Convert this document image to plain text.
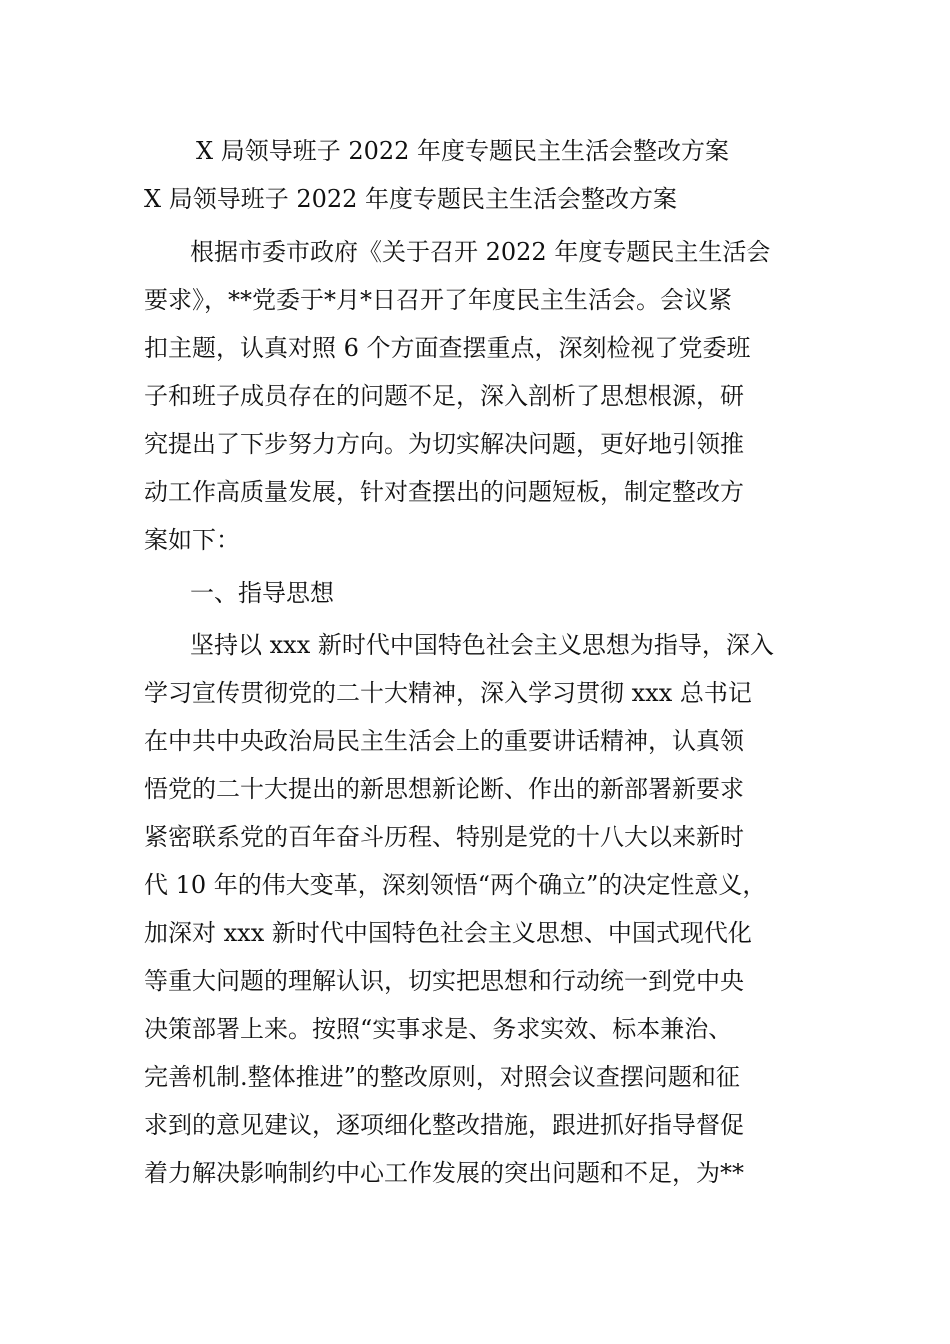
X 局领导班子 2022 年度专题民主生活会整改方案
X 局领导班子 2022 年度专题民主生活会整改方案
根据市委市政府《关于召开 2022 年度专题民主生活会
要求》，**党委于*月*日召开了年度民主生活会。会议紧
扣主题，认真对照 6 个方面查摆重点，深刻检视了党委班
子和班子成员存在的问题不足，深入剖析了思想根源，研
究提出了下步努力方向。为切实解决问题，更好地引领推
动工作高质量发展，针对查摆出的问题短板，制定整改方
案如下：
一、指导思想
坚持以 xxx 新时代中国特色社会主义思想为指导，深入
学习宣传贯彻党的二十大精神，深入学习贯彻 xxx 总书记
在中共中央政治局民主生活会上的重要讲话精神，认真领
悟党的二十大提出的新思想新论断、作出的新部署新要求
紧密联系党的百年奋斗历程、特别是党的十八大以来新时
代 10 年的伟大变革，深刻领悟“两个确立”的决定性意义，
加深对 xxx 新时代中国特色社会主义思想、中国式现代化
等重大问题的理解认识，切实把思想和行动统一到党中央
决策部署上来。按照“实事求是、务求实效、标本兼治、
完善机制.整体推进”的整改原则，对照会议查摆问题和征
求到的意见建议，逐项细化整改措施，跟进抓好指导督促
着力解决影响制约中心工作发展的突出问题和不足，为**
